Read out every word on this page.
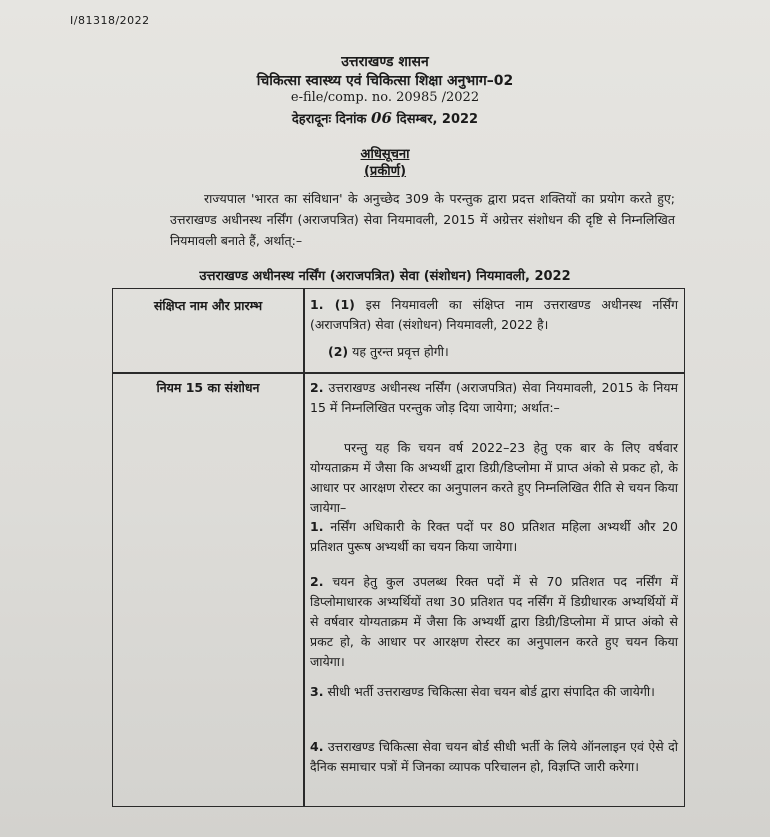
I/81318/2022
उत्तराखण्ड शासन
चिकित्सा स्वास्थ्य एवं चिकित्सा शिक्षा अनुभाग–02
e-file/comp. no. 20985 /2022
देहरादूनः दिनांक 06 दिसम्बर, 2022
अधिसूचना
(प्रकीर्ण)
राज्यपाल 'भारत का संविधान' के अनुच्छेद 309 के परन्तुक द्वारा प्रदत्त शक्तियों का प्रयोग करते हुए; उत्तराखण्ड अधीनस्थ नर्सिंग (अराजपत्रित) सेवा नियमावली, 2015 में अग्रेत्तर संशोधन की दृष्टि से निम्नलिखित नियमावली बनाते हैं, अर्थात्:–
उत्तराखण्ड अधीनस्थ नर्सिंग (अराजपत्रित) सेवा (संशोधन) नियमावली, 2022
संक्षिप्त नाम और प्रारम्भ	1. (1) इस नियमावली का संक्षिप्त नाम उत्तराखण्ड अधीनस्थ नर्सिंग (अराजपत्रित) सेवा (संशोधन) नियमावली, 2022 है।
(2) यह तुरन्त प्रवृत्त होगी।
नियम 15 का संशोधन	2. उत्तराखण्ड अधीनस्थ नर्सिंग (अराजपत्रित) सेवा नियमावली, 2015 के नियम 15 में निम्नलिखित परन्तुक जोड़ दिया जायेगा; अर्थात:–
परन्तु यह कि चयन वर्ष 2022–23 हेतु एक बार के लिए वर्षवार योग्यताक्रम में जैसा कि अभ्यर्थी द्वारा डिग्री/डिप्लोमा में प्राप्त अंको से प्रकट हो, के आधार पर आरक्षण रोस्टर का अनुपालन करते हुए निम्नलिखित रीति से चयन किया जायेगा–
1. नर्सिंग अधिकारी के रिक्त पदों पर 80 प्रतिशत महिला अभ्यर्थी और 20 प्रतिशत पुरूष अभ्यर्थी का चयन किया जायेगा।
2. चयन हेतु कुल उपलब्ध रिक्त पदों में से 70 प्रतिशत पद नर्सिंग में डिप्लोमाधारक अभ्यर्थियों तथा 30 प्रतिशत पद नर्सिंग में डिग्रीधारक अभ्यर्थियों में से वर्षवार योग्यताक्रम में जैसा कि अभ्यर्थी द्वारा डिग्री/डिप्लोमा में प्राप्त अंको से प्रकट हो, के आधार पर आरक्षण रोस्टर का अनुपालन करते हुए चयन किया जायेगा।
3. सीधी भर्ती उत्तराखण्ड चिकित्सा सेवा चयन बोर्ड द्वारा संपादित की जायेगी।
4. उत्तराखण्ड चिकित्सा सेवा चयन बोर्ड सीधी भर्ती के लिये ऑनलाइन एवं ऐसे दो दैनिक समाचार पत्रों में जिनका व्यापक परिचालन हो, विज्ञप्ति जारी करेगा।
